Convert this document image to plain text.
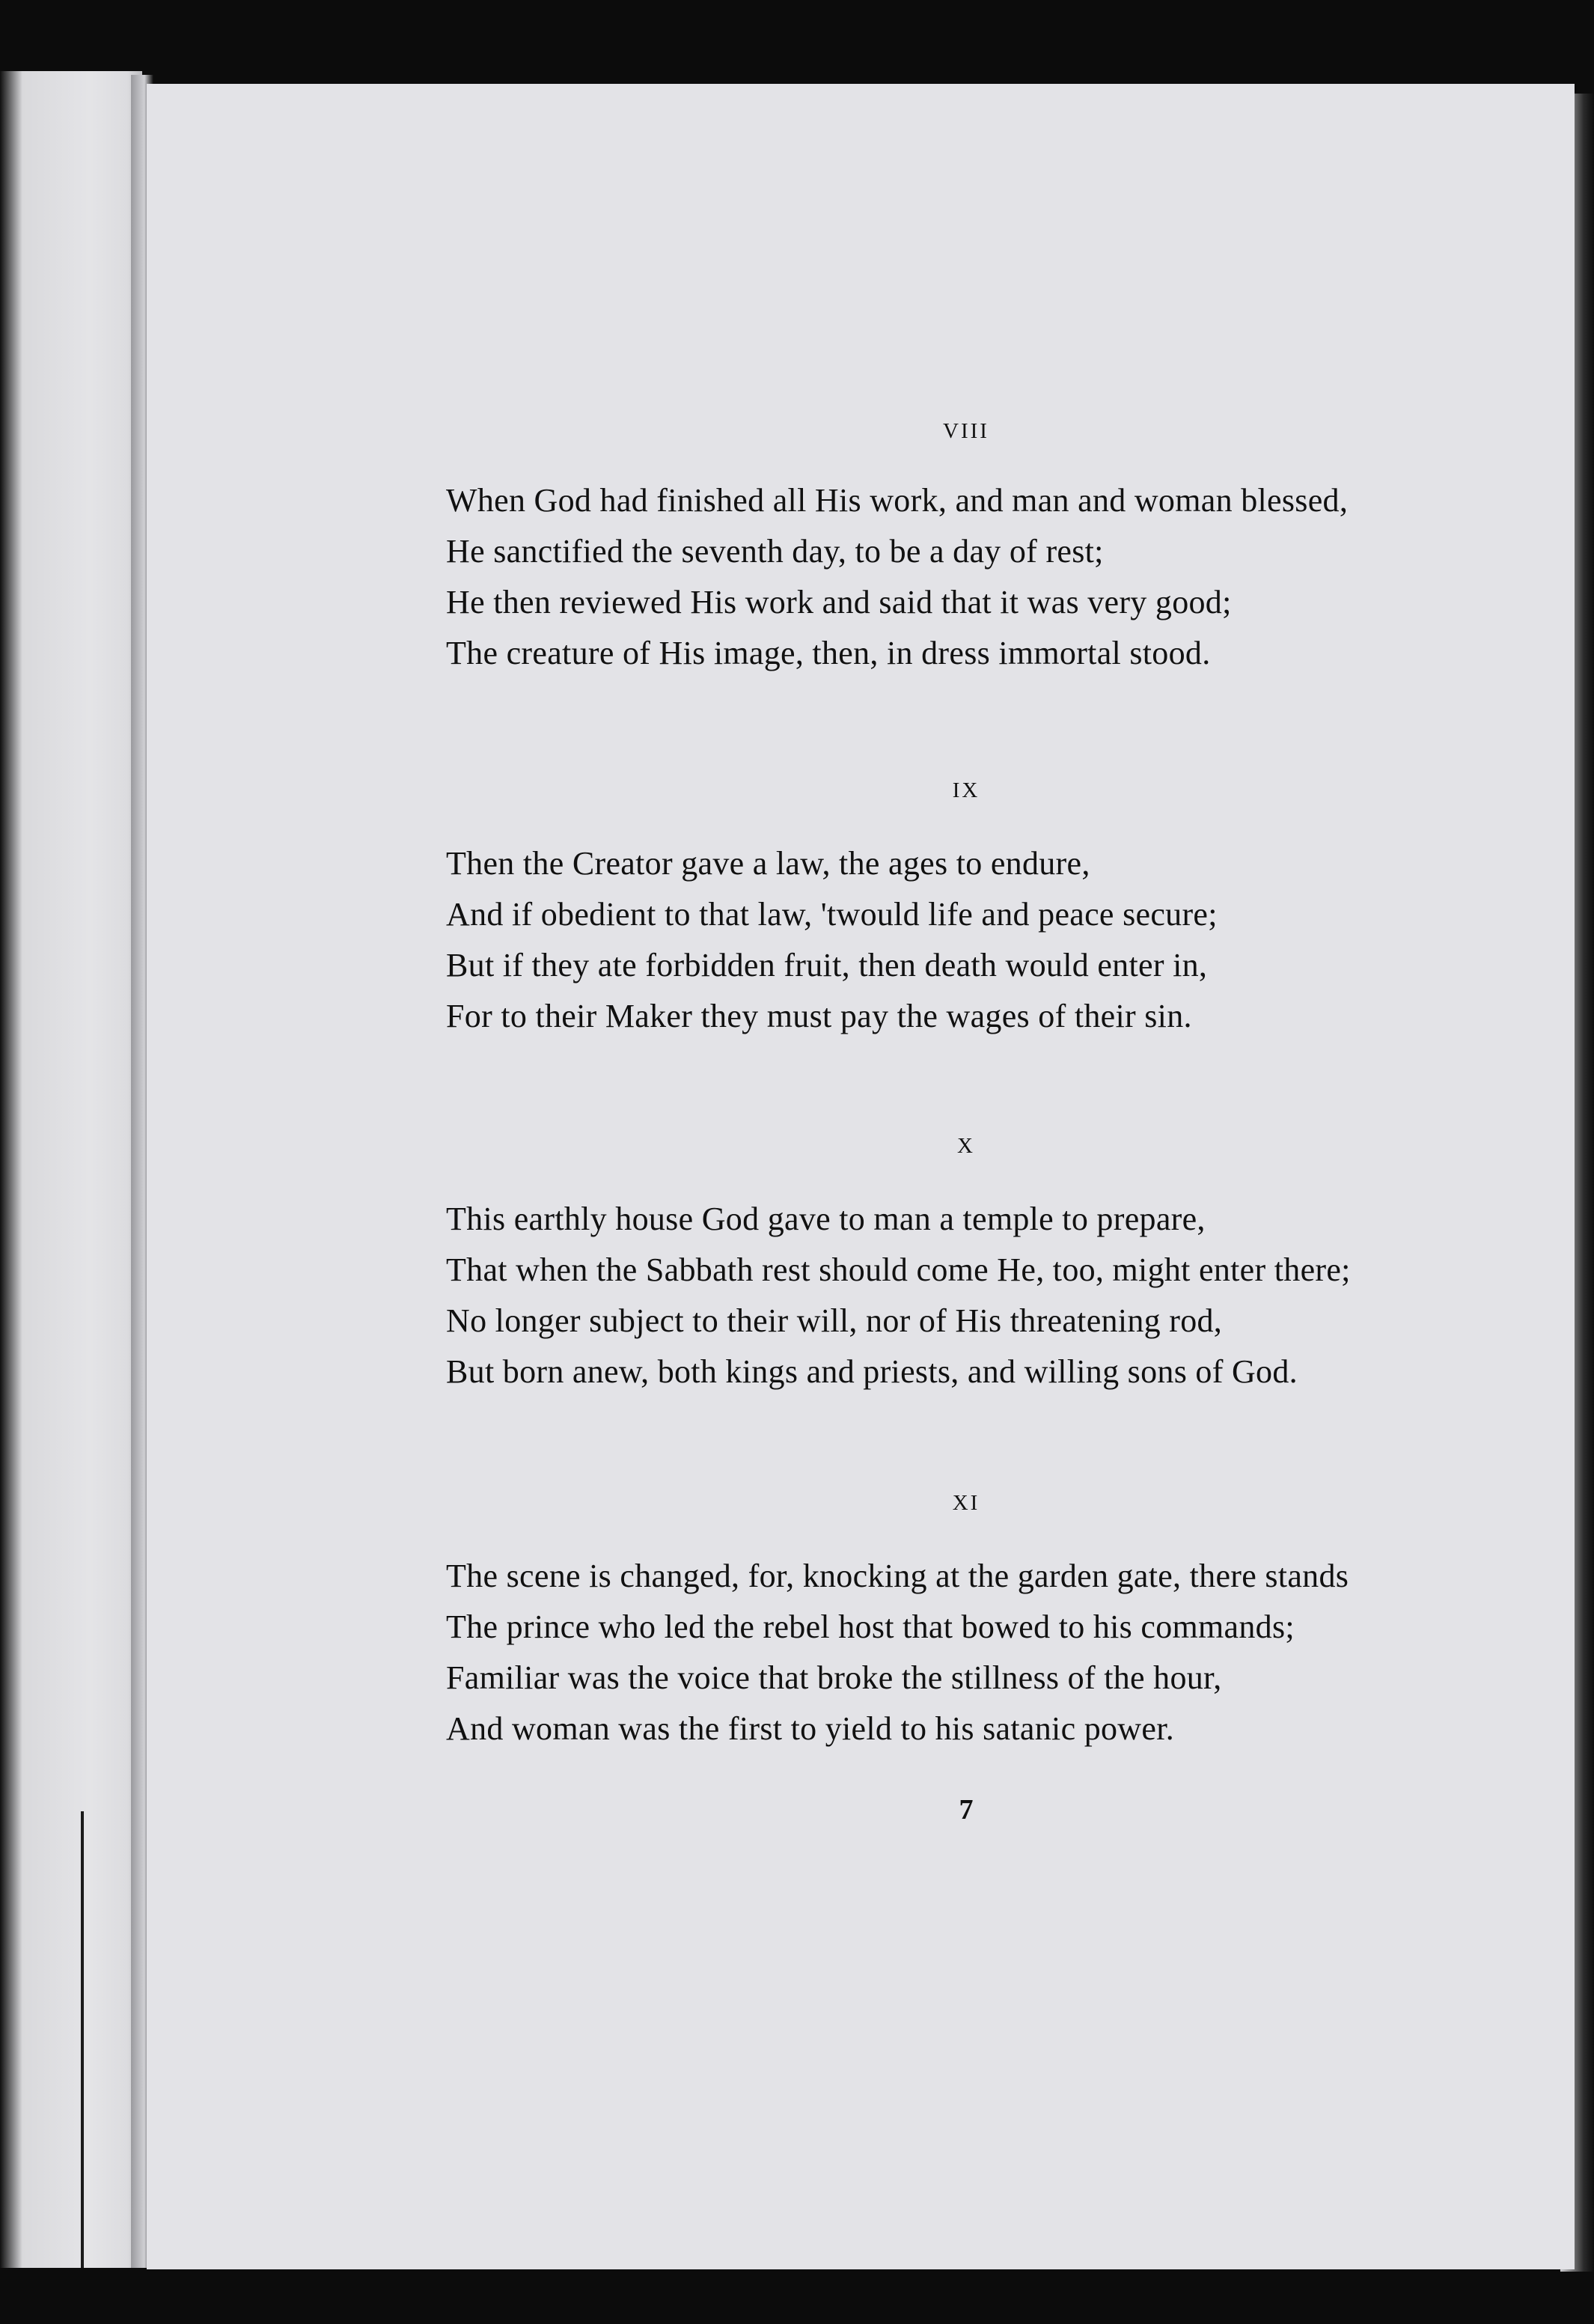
VIII
When God had finished all His work, and man and woman blessed,
He sanctified the seventh day, to be a day of rest;
He then reviewed His work and said that it was very good;
The creature of His image, then, in dress immortal stood.
IX
Then the Creator gave a law, the ages to endure,
And if obedient to that law, 'twould life and peace secure;
But if they ate forbidden fruit, then death would enter in,
For to their Maker they must pay the wages of their sin.
X
This earthly house God gave to man a temple to prepare,
That when the Sabbath rest should come He, too, might enter there;
No longer subject to their will, nor of His threatening rod,
But born anew, both kings and priests, and willing sons of God.
XI
The scene is changed, for, knocking at the garden gate, there stands
The prince who led the rebel host that bowed to his commands;
Familiar was the voice that broke the stillness of the hour,
And woman was the first to yield to his satanic power.
7
